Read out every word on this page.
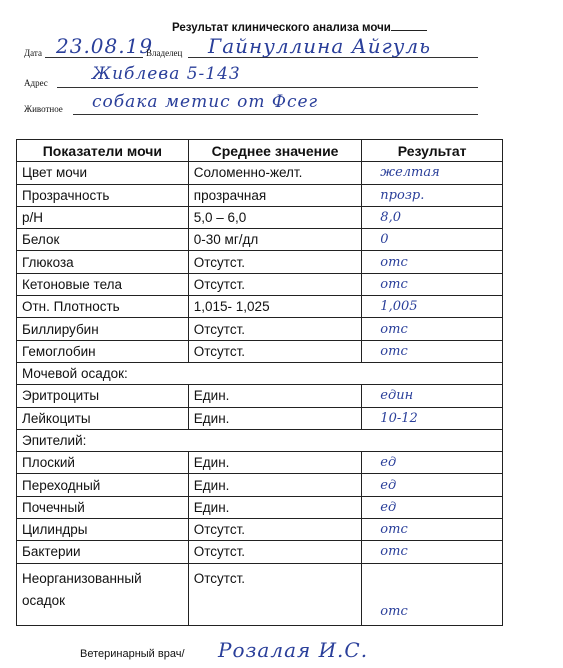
Результат клинического анализа мочи
Дата 23.08.19
Владелец Гайнуллина Айгуль
Адрес	Жиблева 5-143
Животное собака метис от Фсег
Показатели мочи	Среднее значение	Результат
Цвет мочи	Соломенно-желт.	желтая
Прозрачность	прозрачная	прозр.
р/Н	5,0 – 6,0	8,0
Белок	0-30 мг/дл	0
Глюкоза	Отсутст.	отс
Кетоновые тела	Отсутст.	отс
Отн. Плотность	1,015- 1,025	1,005
Биллирубин	Отсутст.	отс
Гемоглобин	Отсутст.	отс
Мочевой осадок:		
Эритроциты	Един.	един
Лейкоциты	Един.	10-12
Эпителий:		
Плоский	Един.	ед
Переходный	Един.	ед
Почечный	Един.	ед
Цилиндры	Отсутст.	отс
Бактерии	Отсутст.	отс

Неорганизованный
осадок	Отсутст.	отс
Ветеринарный врач/ Розалая И.С.
